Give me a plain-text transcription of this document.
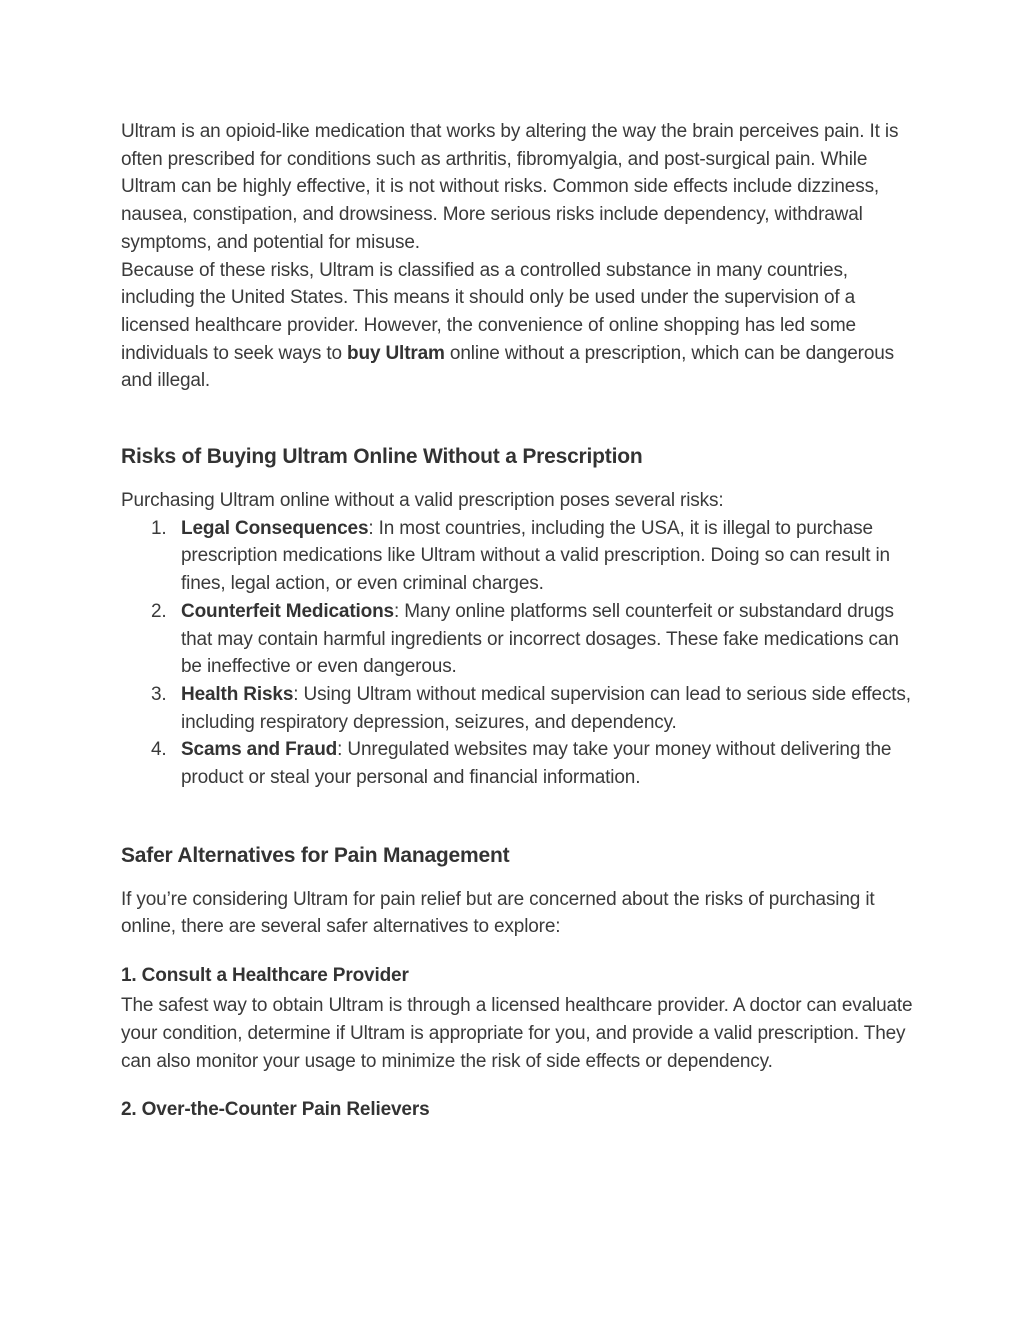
Ultram is an opioid-like medication that works by altering the way the brain perceives pain. It is often prescribed for conditions such as arthritis, fibromyalgia, and post-surgical pain. While Ultram can be highly effective, it is not without risks. Common side effects include dizziness, nausea, constipation, and drowsiness. More serious risks include dependency, withdrawal symptoms, and potential for misuse.

Because of these risks, Ultram is classified as a controlled substance in many countries, including the United States. This means it should only be used under the supervision of a licensed healthcare provider. However, the convenience of online shopping has led some individuals to seek ways to buy Ultram online without a prescription, which can be dangerous and illegal.

Risks of Buying Ultram Online Without a Prescription

Purchasing Ultram online without a valid prescription poses several risks:

1. Legal Consequences: In most countries, including the USA, it is illegal to purchase prescription medications like Ultram without a valid prescription. Doing so can result in fines, legal action, or even criminal charges.
2. Counterfeit Medications: Many online platforms sell counterfeit or substandard drugs that may contain harmful ingredients or incorrect dosages. These fake medications can be ineffective or even dangerous.
3. Health Risks: Using Ultram without medical supervision can lead to serious side effects, including respiratory depression, seizures, and dependency.
4. Scams and Fraud: Unregulated websites may take your money without delivering the product or steal your personal and financial information.
Safer Alternatives for Pain Management

If you’re considering Ultram for pain relief but are concerned about the risks of purchasing it online, there are several safer alternatives to explore:

1. Consult a Healthcare Provider

The safest way to obtain Ultram is through a licensed healthcare provider. A doctor can evaluate your condition, determine if Ultram is appropriate for you, and provide a valid prescription. They can also monitor your usage to minimize the risk of side effects or dependency.

2. Over-the-Counter Pain Relievers
